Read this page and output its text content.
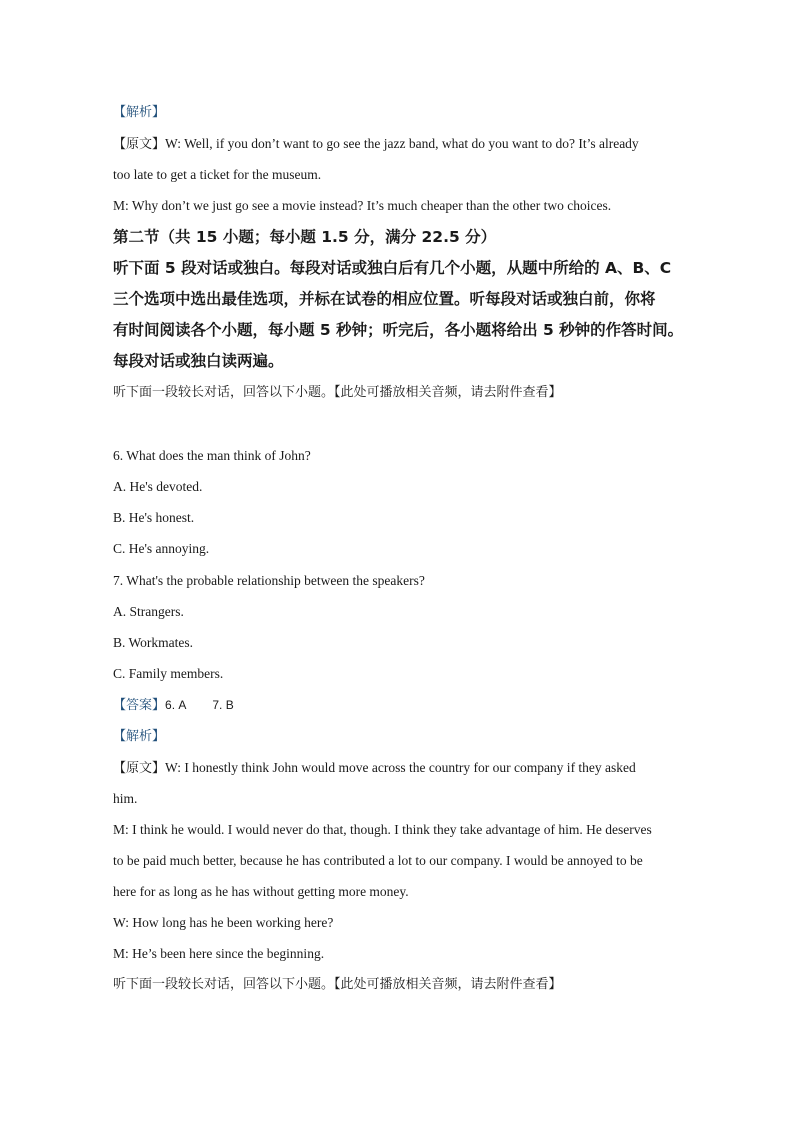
【解析】
【原文】W: Well, if you don’t want to go see the jazz band, what do you want to do? It’s already
too late to get a ticket for the museum.
M: Why don’t we just go see a movie instead? It’s much cheaper than the other two choices.
第二节（共 15 小题；每小题 1.5 分，满分 22.5 分）
听下面 5 段对话或独白。每段对话或独白后有几个小题，从题中所给的 A、B、C
三个选项中选出最佳选项，并标在试卷的相应位置。听每段对话或独白前，你将
有时间阅读各个小题，每小题 5 秒钟；听完后，各小题将给出 5 秒钟的作答时间。
每段对话或独白读两遍。
听下面一段较长对话，回答以下小题。【此处可播放相关音频，请去附件查看】
6. What does the man think of John?
A. He's devoted.
B. He's honest.
C. He's annoying.
7. What's the probable relationship between the speakers?
A. Strangers.
B. Workmates.
C. Family members.
【答案】6. A 7. B
【解析】
【原文】W: I honestly think John would move across the country for our company if they asked
him.
M: I think he would. I would never do that, though. I think they take advantage of him. He deserves
to be paid much better, because he has contributed a lot to our company. I would be annoyed to be
here for as long as he has without getting more money.
W: How long has he been working here?
M: He’s been here since the beginning.
听下面一段较长对话，回答以下小题。【此处可播放相关音频，请去附件查看】
